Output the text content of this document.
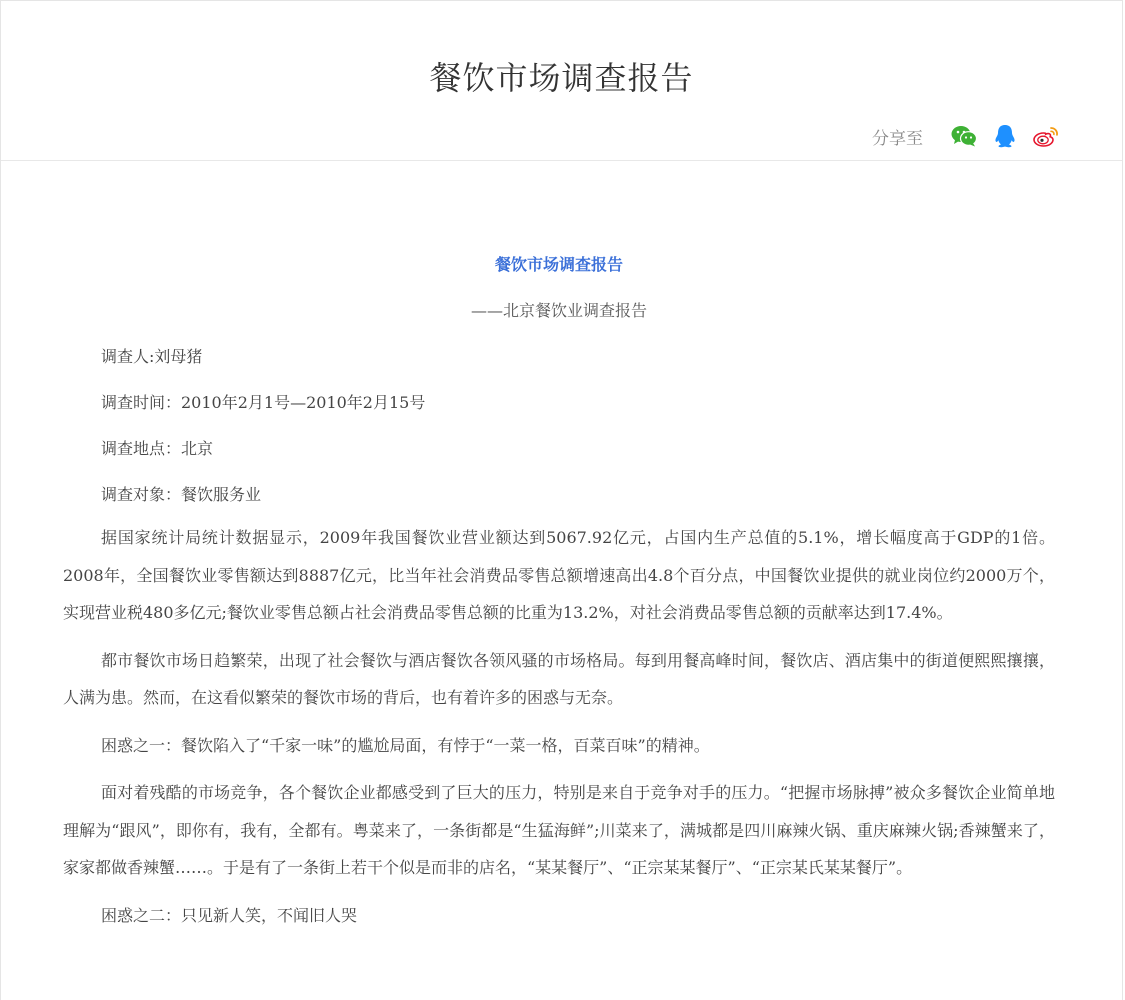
餐饮市场调查报告
分享至
餐饮市场调查报告
——北京餐饮业调查报告
调查人:刘母猪
调查时间：2010年2月1号—2010年2月15号
调查地点：北京
调查对象：餐饮服务业

据国家统计局统计数据显示，2009年我国餐饮业营业额达到5067.92亿元，占国内生产总值的5.1%，增长幅度高于GDP的1倍。2008年，全国餐饮业零售额达到8887亿元，比当年社会消费品零售总额增速高出4.8个百分点，中国餐饮业提供的就业岗位约2000万个，实现营业税480多亿元;餐饮业零售总额占社会消费品零售总额的比重为13.2%，对社会消费品零售总额的贡献率达到17.4%。

都市餐饮市场日趋繁荣，出现了社会餐饮与酒店餐饮各领风骚的市场格局。每到用餐高峰时间，餐饮店、酒店集中的街道便熙熙攘攘，人满为患。然而，在这看似繁荣的餐饮市场的背后，也有着许多的困惑与无奈。

困惑之一：餐饮陷入了“千家一味”的尴尬局面，有悖于“一菜一格，百菜百味”的精神。

面对着残酷的市场竞争，各个餐饮企业都感受到了巨大的压力，特别是来自于竞争对手的压力。“把握市场脉搏”被众多餐饮企业简单地理解为“跟风”，即你有，我有，全都有。粤菜来了，一条街都是“生猛海鲜”;川菜来了，满城都是四川麻辣火锅、重庆麻辣火锅;香辣蟹来了，家家都做香辣蟹……。于是有了一条街上若干个似是而非的店名，“某某餐厅”、“正宗某某餐厅”、“正宗某氏某某餐厅”。

困惑之二：只见新人笑，不闻旧人哭
